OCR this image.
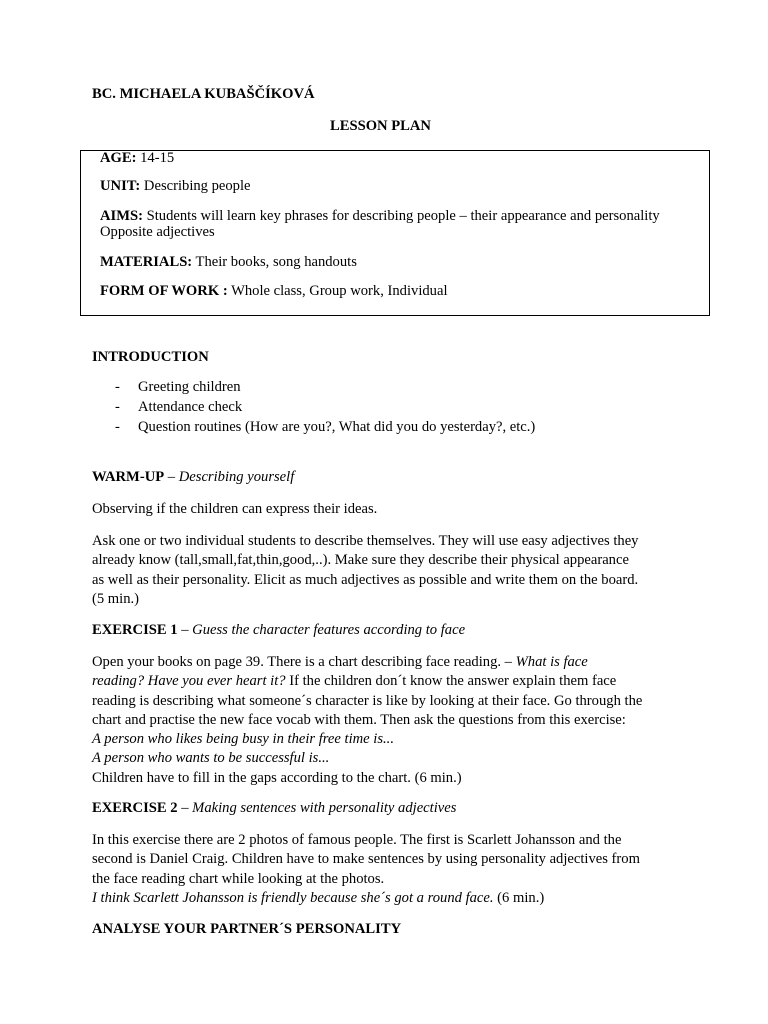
BC. MICHAELA KUBAŠČÍKOVÁ

LESSON PLAN

AGE: 14-15

UNIT: Describing people

AIMS: Students will learn key phrases for describing people – their appearance and personality

Opposite adjectives

MATERIALS: Their books, song handouts

FORM OF WORK : Whole class, Group work, Individual

INTRODUCTION

- Greeting children
- Attendance check
- Question routines (How are you?, What did you do yesterday?, etc.)

WARM-UP – Describing yourself

Observing if the children can express their ideas.

Ask one or two individual students to describe themselves. They will use easy adjectives they
already know (tall,small,fat,thin,good,..). Make sure they describe their physical appearance
as well as their personality. Elicit as much adjectives as possible and write them on the board.
(5 min.)

EXERCISE 1 – Guess the character features according to face

Open your books on page 39. There is a chart describing face reading. – What is face
reading? Have you ever heart it? If the children don´t know the answer explain them face
reading is describing what someone´s character is like by looking at their face. Go through the
chart and practise the new face vocab with them. Then ask the questions from this exercise:
A person who likes being busy in their free time is...
A person who wants to be successful is...
Children have to fill in the gaps according to the chart. (6 min.)

EXERCISE 2 – Making sentences with personality adjectives

In this exercise there are 2 photos of famous people. The first is Scarlett Johansson and the
second is Daniel Craig. Children have to make sentences by using personality adjectives from
the face reading chart while looking at the photos.
I think Scarlett Johansson is friendly because she´s got a round face. (6 min.)

ANALYSE YOUR PARTNER´S PERSONALITY
